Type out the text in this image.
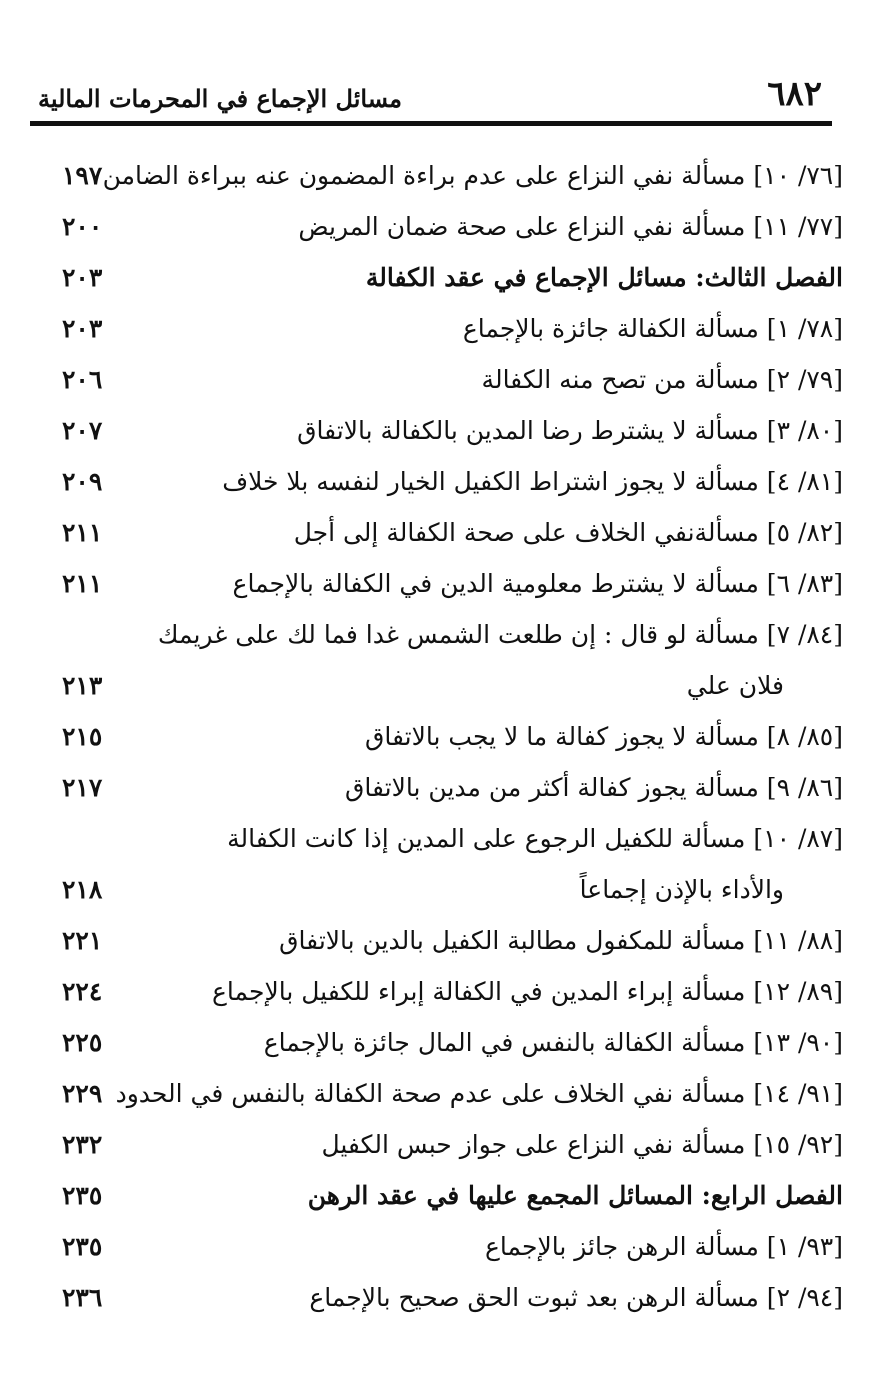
٦٨٢
مسائل الإجماع في المحرمات المالية
[٧٦/ ١٠] مسألة نفي النزاع على عدم براءة المضمون عنه ببراءة الضامن
١٩٧
[٧٧/ ١١] مسألة نفي النزاع على صحة ضمان المريض
٢٠٠
الفصل الثالث: مسائل الإجماع في عقد الكفالة
٢٠٣
[٧٨/ ١] مسألة الكفالة جائزة بالإجماع
٢٠٣
[٧٩/ ٢] مسألة من تصح منه الكفالة
٢٠٦
[٨٠/ ٣] مسألة لا يشترط رضا المدين بالكفالة بالاتفاق
٢٠٧
[٨١/ ٤] مسألة لا يجوز اشتراط الكفيل الخيار لنفسه بلا خلاف
٢٠٩
[٨٢/ ٥] مسألةنفي الخلاف على صحة الكفالة إلى أجل
٢١١
[٨٣/ ٦] مسألة لا يشترط معلومية الدين في الكفالة بالإجماع
٢١١
[٨٤/ ٧] مسألة لو قال : إن طلعت الشمس غدا فما لك على غريمك
فلان علي
٢١٣
[٨٥/ ٨] مسألة لا يجوز كفالة ما لا يجب بالاتفاق
٢١٥
[٨٦/ ٩] مسألة يجوز كفالة أكثر من مدين بالاتفاق
٢١٧
[٨٧/ ١٠] مسألة للكفيل الرجوع على المدين إذا كانت الكفالة
والأداء بالإذن إجماعاً
٢١٨
[٨٨/ ١١] مسألة للمكفول مطالبة الكفيل بالدين بالاتفاق
٢٢١
[٨٩/ ١٢] مسألة إبراء المدين في الكفالة إبراء للكفيل بالإجماع
٢٢٤
[٩٠/ ١٣] مسألة الكفالة بالنفس في المال جائزة بالإجماع
٢٢٥
[٩١/ ١٤] مسألة نفي الخلاف على عدم صحة الكفالة بالنفس في الحدود
٢٢٩
[٩٢/ ١٥] مسألة نفي النزاع على جواز حبس الكفيل
٢٣٢
الفصل الرابع: المسائل المجمع عليها في عقد الرهن
٢٣٥
[٩٣/ ١] مسألة الرهن جائز بالإجماع
٢٣٥
[٩٤/ ٢] مسألة الرهن بعد ثبوت الحق صحيح بالإجماع
٢٣٦
